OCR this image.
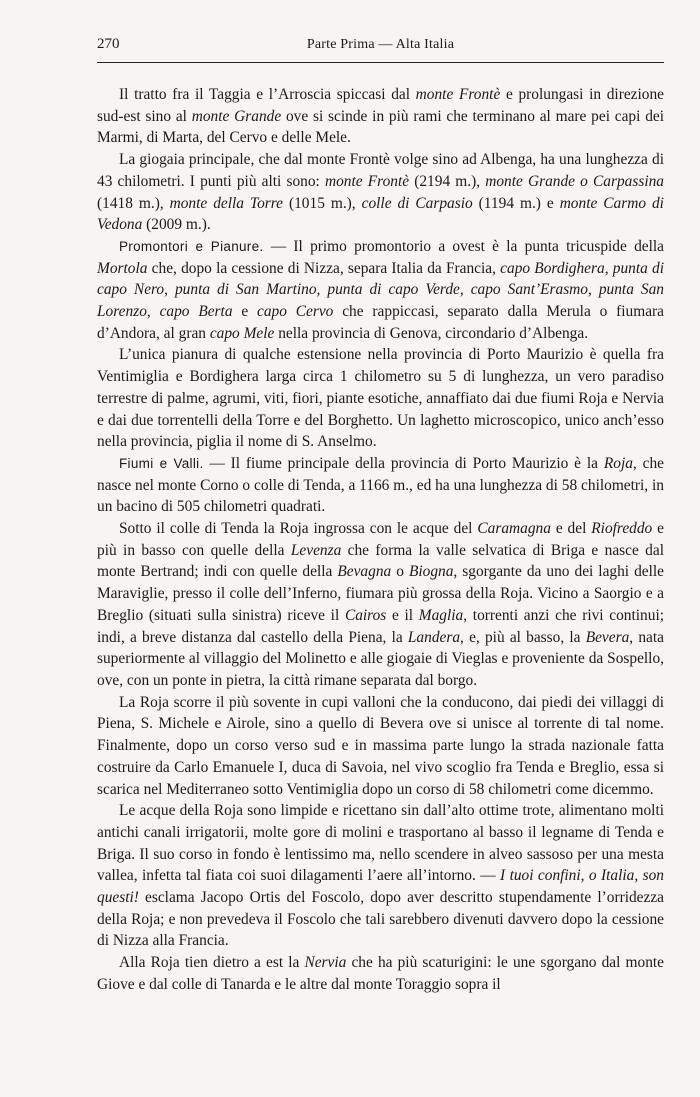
270	Parte Prima — Alta Italia

Il tratto fra il Taggia e l’Arroscia spiccasi dal monte Frontè e prolungasi in direzione sud-est sino al monte Grande ove si scinde in più rami che terminano al mare pei capi dei Marmi, di Marta, del Cervo e delle Mele.

La giogaia principale, che dal monte Frontè volge sino ad Albenga, ha una lunghezza di 43 chilometri. I punti più alti sono: monte Frontè (2194 m.), monte Grande o Carpassina (1418 m.), monte della Torre (1015 m.), colle di Carpasio (1194 m.) e monte Carmo di Vedona (2009 m.).

Promontori e Pianure. — Il primo promontorio a ovest è la punta tricuspide della Mortola che, dopo la cessione di Nizza, separa Italia da Francia, capo Bordighera, punta di capo Nero, punta di San Martino, punta di capo Verde, capo Sant’Erasmo, punta San Lorenzo, capo Berta e capo Cervo che rappiccasi, separato dalla Merula o fiumara d’Andora, al gran capo Mele nella provincia di Genova, circondario d’Albenga.

L’unica pianura di qualche estensione nella provincia di Porto Maurizio è quella fra Ventimiglia e Bordighera larga circa 1 chilometro su 5 di lunghezza, un vero paradiso terrestre di palme, agrumi, viti, fiori, piante esotiche, annaffiato dai due fiumi Roja e Nervia e dai due torrentelli della Torre e del Borghetto. Un laghetto microscopico, unico anch’esso nella provincia, piglia il nome di S. Anselmo.

Fiumi e Valli. — Il fiume principale della provincia di Porto Maurizio è la Roja, che nasce nel monte Corno o colle di Tenda, a 1166 m., ed ha una lunghezza di 58 chilometri, in un bacino di 505 chilometri quadrati.

Sotto il colle di Tenda la Roja ingrossa con le acque del Caramagna e del Riofreddo e più in basso con quelle della Levenza che forma la valle selvatica di Briga e nasce dal monte Bertrand; indi con quelle della Bevagna o Biogna, sgorgante da uno dei laghi delle Maraviglie, presso il colle dell’Inferno, fiumara più grossa della Roja. Vicino a Saorgio e a Breglio (situati sulla sinistra) riceve il Cairos e il Maglia, torrenti anzi che rivi continui; indi, a breve distanza dal castello della Piena, la Landera, e, più al basso, la Bevera, nata superiormente al villaggio del Molinetto e alle giogaie di Vieglas e proveniente da Sospello, ove, con un ponte in pietra, la città rimane separata dal borgo.

La Roja scorre il più sovente in cupi valloni che la conducono, dai piedi dei villaggi di Piena, S. Michele e Airole, sino a quello di Bevera ove si unisce al torrente di tal nome. Finalmente, dopo un corso verso sud e in massima parte lungo la strada nazionale fatta costruire da Carlo Emanuele I, duca di Savoia, nel vivo scoglio fra Tenda e Breglio, essa si scarica nel Mediterraneo sotto Ventimiglia dopo un corso di 58 chilometri come dicemmo.

Le acque della Roja sono limpide e ricettano sin dall’alto ottime trote, alimentano molti antichi canali irrigatorii, molte gore di molini e trasportano al basso il legname di Tenda e Briga. Il suo corso in fondo è lentissimo ma, nello scendere in alveo sassoso per una mesta vallea, infetta tal fiata coi suoi dilagamenti l’aere all’intorno. — I tuoi confini, o Italia, son questi! esclama Jacopo Ortis del Foscolo, dopo aver descritto stupendamente l’orridezza della Roja; e non prevedeva il Foscolo che tali sarebbero divenuti davvero dopo la cessione di Nizza alla Francia.

Alla Roja tien dietro a est la Nervia che ha più scaturigini: le une sgorgano dal monte Giove e dal colle di Tanarda e le altre dal monte Toraggio sopra il
